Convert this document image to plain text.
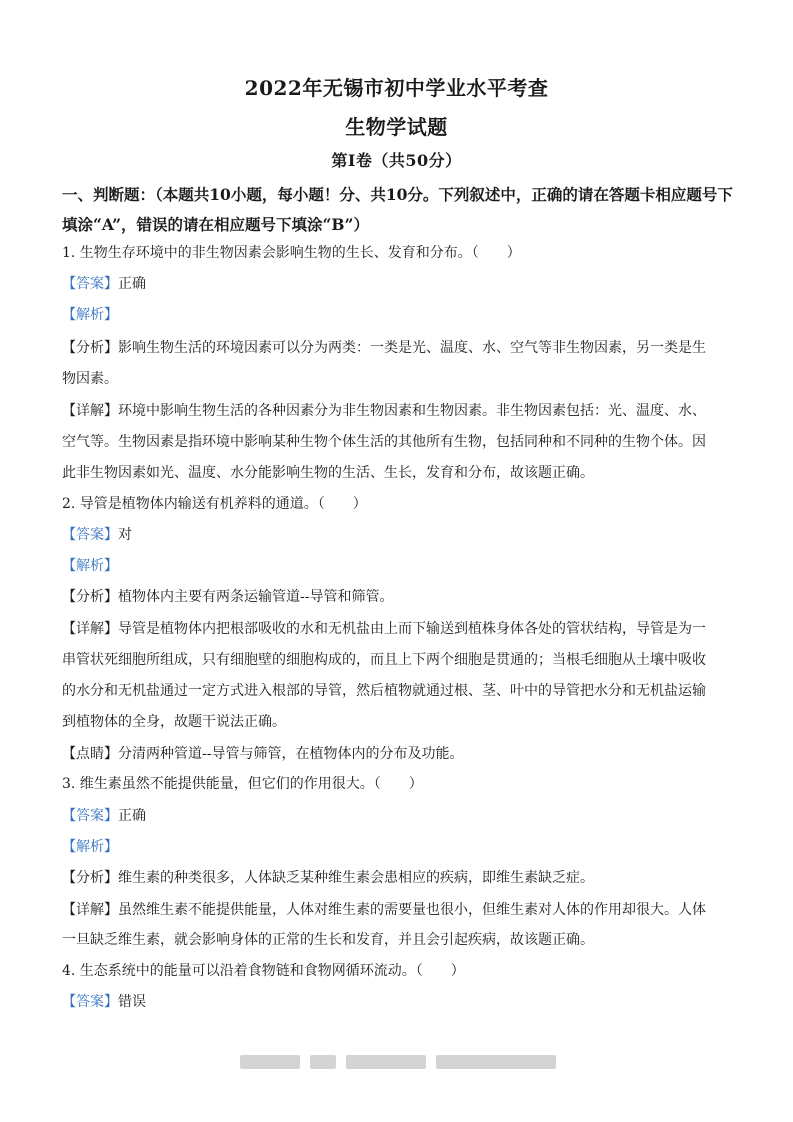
2022年无锡市初中学业水平考查
生物学试题
第Ⅰ卷（共50分）
一、判断题：（本题共10小题，每小题！分、共10分。下列叙述中，正确的请在答题卡相应题号下填涂“A”，错误的请在相应题号下填涂“B”）
1. 生物生存环境中的非生物因素会影响生物的生长、发育和分布。（　　）
【答案】正确
【解析】
【分析】影响生物生活的环境因素可以分为两类：一类是光、温度、水、空气等非生物因素，另一类是生
物因素。
【详解】环境中影响生物生活的各种因素分为非生物因素和生物因素。非生物因素包括：光、温度、水、
空气等。生物因素是指环境中影响某种生物个体生活的其他所有生物，包括同种和不同种的生物个体。因
此非生物因素如光、温度、水分能影响生物的生活、生长，发育和分布，故该题正确。
2. 导管是植物体内输送有机养料的通道。（　　）
【答案】对
【解析】
【分析】植物体内主要有两条运输管道--导管和筛管。
【详解】导管是植物体内把根部吸收的水和无机盐由上而下输送到植株身体各处的管状结构，导管是为一
串管状死细胞所组成，只有细胞壁的细胞构成的，而且上下两个细胞是贯通的；当根毛细胞从土壤中吸收
的水分和无机盐通过一定方式进入根部的导管，然后植物就通过根、茎、叶中的导管把水分和无机盐运输
到植物体的全身，故题干说法正确。
【点睛】分清两种管道--导管与筛管，在植物体内的分布及功能。
3. 维生素虽然不能提供能量，但它们的作用很大。（　　）
【答案】正确
【解析】
【分析】维生素的种类很多，人体缺乏某种维生素会患相应的疾病，即维生素缺乏症。
【详解】虽然维生素不能提供能量，人体对维生素的需要量也很小，但维生素对人体的作用却很大。人体
一旦缺乏维生素，就会影响身体的正常的生长和发育，并且会引起疾病，故该题正确。
4. 生态系统中的能量可以沿着食物链和食物网循环流动。（　　）
【答案】错误
